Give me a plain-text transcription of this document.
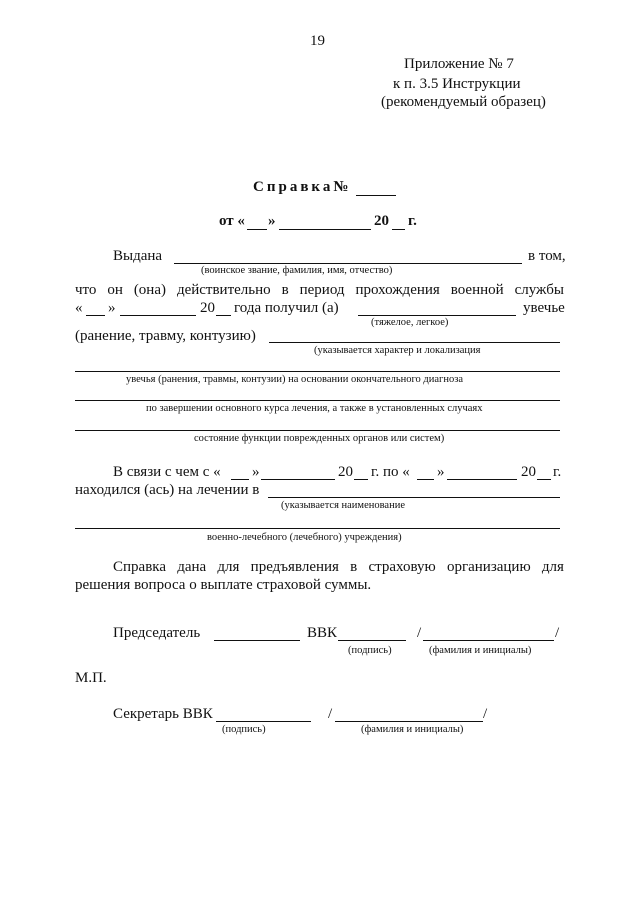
19
Приложение № 7
к п. 3.5 Инструкции
(рекомендуемый образец)
Справка№
от « »	20 г.
Выдана	в том,
(воинское звание, фамилия, имя, отчество)
что он (она) действительно в период прохождения военной службы
« »	20 года получил (а)	увечье
(тяжелое, легкое)
(ранение, травму, контузию)
(указывается характер и локализация
увечья (ранения, травмы, контузии) на основании окончательного диагноза
по завершении основного курса лечения, а также в установленных случаях
состояние функции поврежденных органов или систем)
В связи с чем с « »	20 г. по « »	20 г.
находился (ась) на лечении в
(указывается наименование
военно-лечебного (лечебного) учреждения)
Справка дана для предъявления в страховую организацию для
решения вопроса о выплате страховой суммы.
Председатель	ВВК	/	/
(подпись)	(фамилия и инициалы)
М.П.
Секретарь ВВК	/	/
(подпись)	(фамилия и инициалы)
